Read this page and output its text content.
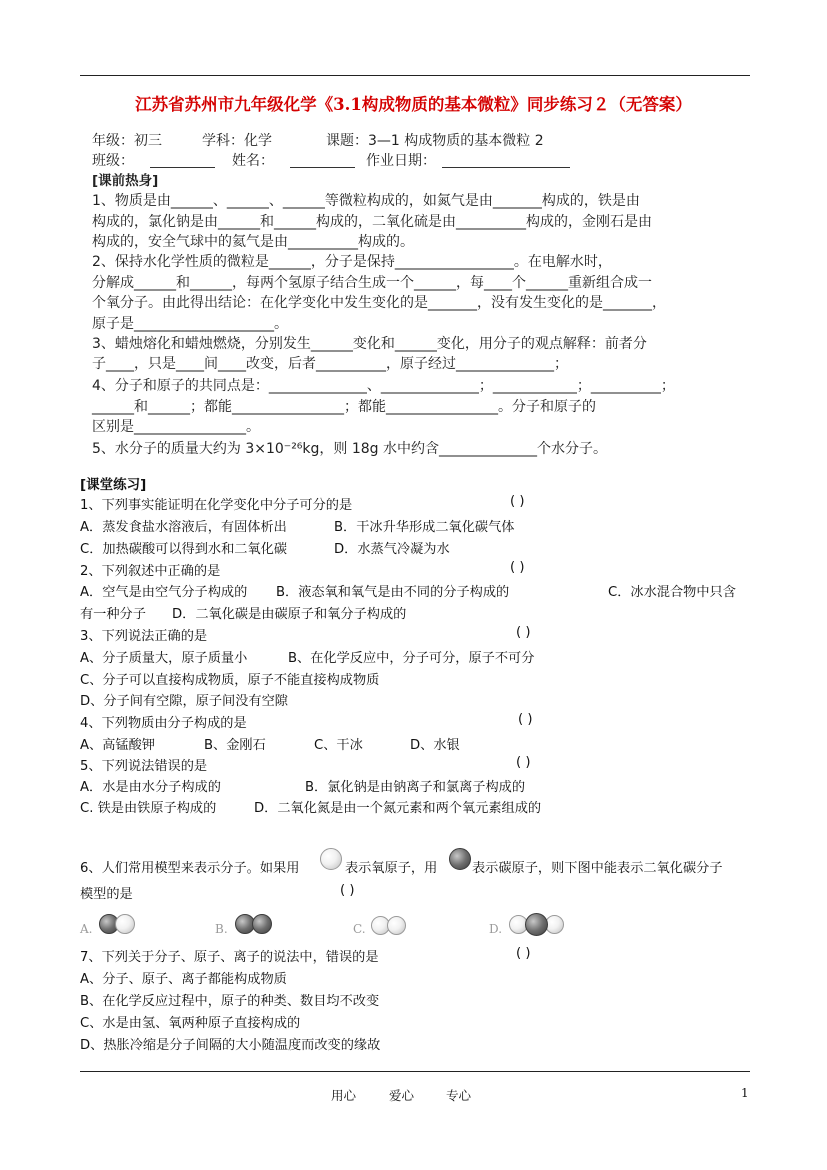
江苏省苏州市九年级化学《3.1构成物质的基本微粒》同步练习２（无答案）
年级：初三	学科：化学	课题：3—1 构成物质的基本微粒 2
班级：	姓名：	作业日期：
[课前热身]
1、物质是由______、______、______等微粒构成的，如氮气是由_______构成的，铁是由
构成的，氯化钠是由______和______构成的，二氧化硫是由__________构成的，金刚石是由
构成的，安全气球中的氦气是由__________构成的。
2、保持水化学性质的微粒是______，分子是保持_________________。在电解水时，
分解成______和______，每两个氢原子结合生成一个______，每____个______重新组合成一
个氧分子。由此得出结论：在化学变化中发生变化的是_______，没有发生变化的是_______，
原子是____________________。
3、蜡烛熔化和蜡烛燃烧，分别发生______变化和______变化，用分子的观点解释：前者分
子____，只是____间____改变，后者__________，原子经过______________；
4、分子和原子的共同点是：______________、______________；____________；__________；
______和______；都能________________；都能________________。分子和原子的
区别是________________。
5、水分子的质量大约为 3×10⁻²⁶kg，则 18g 水中约含______________个水分子。
[课堂练习]
1、下列事实能证明在化学变化中分子可分的是	( )
A．蒸发食盐水溶液后，有固体析出	B．干冰升华形成二氧化碳气体
C．加热碳酸可以得到水和二氧化碳	D．水蒸气冷凝为水
2、下列叙述中正确的是	( )
A．空气是由空气分子构成的 B．液态氧和氧气是由不同的分子构成的	C．冰水混合物中只含
有一种分子 D．二氧化碳是由碳原子和氧分子构成的
3、下列说法正确的是	( )
A、分子质量大，原子质量小	B、在化学反应中，分子可分，原子不可分
C、分子可以直接构成物质，原子不能直接构成物质
D、分子间有空隙，原子间没有空隙
4、下列物质由分子构成的是	( )
A、高锰酸钾	B、金刚石	C、干冰	D、水银
5、下列说法错误的是	( )
A．水是由水分子构成的	B．氯化钠是由钠离子和氯离子构成的
C. 铁是由铁原子构成的	D．二氧化氮是由一个氮元素和两个氧元素组成的
6、人们常用模型来表示分子。如果用	表示氧原子，用	表示碳原子，则下图中能表示二氧化碳分子
模型的是	( )
A.	B.	C.	D.
7、下列关于分子、原子、离子的说法中，错误的是	( )
A、分子、原子、离子都能构成物质
B、在化学反应过程中，原子的种类、数目均不改变
C、水是由氢、氧两种原子直接构成的
D、热胀冷缩是分子间隔的大小随温度而改变的缘故
用心	爱心	专心	1
